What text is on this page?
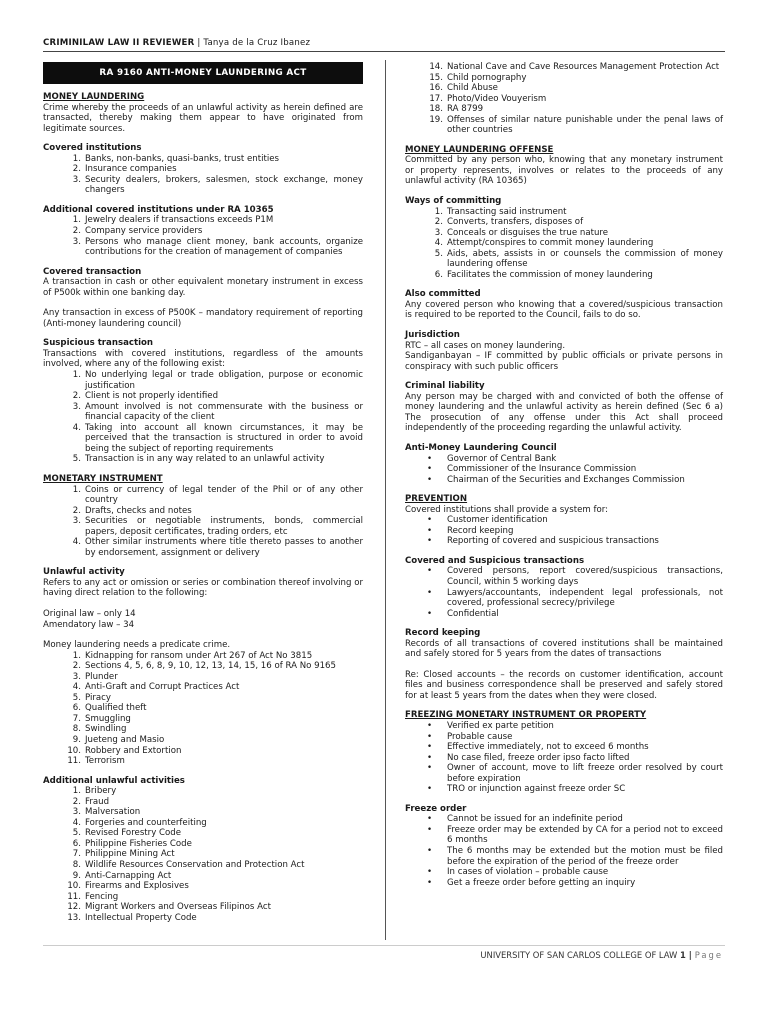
CRIMINILAW LAW II REVIEWER | Tanya de la Cruz Ibanez
RA 9160 ANTI-MONEY LAUNDERING ACT
MONEY LAUNDERING

Crime whereby the proceeds of an unlawful activity as herein defined are transacted, thereby making them appear to have originated from legitimate sources.

Covered institutions
1. Banks, non-banks, quasi-banks, trust entities
2. Insurance companies
3. Security dealers, brokers, salesmen, stock exchange, money changers
Additional covered institutions under RA 10365
1. Jewelry dealers if transactions exceeds P1M
2. Company service providers
3. Persons who manage client money, bank accounts, organize contributions for the creation of management of companies
Covered transaction

A transaction in cash or other equivalent monetary instrument in excess of P500k within one banking day.

Any transaction in excess of P500K – mandatory requirement of reporting (Anti-money laundering council)

Suspicious transaction

Transactions with covered institutions, regardless of the amounts involved, where any of the following exist:

1. No underlying legal or trade obligation, purpose or economic justification
2. Client is not properly identified
3. Amount involved is not commensurate with the business or financial capacity of the client
4. Taking into account all known circumstances, it may be perceived that the transaction is structured in order to avoid being the subject of reporting requirements
5. Transaction is in any way related to an unlawful activity
MONETARY INSTRUMENT
1. Coins or currency of legal tender of the Phil or of any other country
2. Drafts, checks and notes
3. Securities or negotiable instruments, bonds, commercial papers, deposit certificates, trading orders, etc
4. Other similar instruments where title thereto passes to another by endorsement, assignment or delivery
Unlawful activity

Refers to any act or omission or series or combination thereof involving or having direct relation to the following:

Original law – only 14

Amendatory law – 34

Money laundering needs a predicate crime.

1. Kidnapping for ransom under Art 267 of Act No 3815
2. Sections 4, 5, 6, 8, 9, 10, 12, 13, 14, 15, 16 of RA No 9165
3. Plunder
4. Anti-Graft and Corrupt Practices Act
5. Piracy
6. Qualified theft
7. Smuggling
8. Swindling
9. Jueteng and Masio
10. Robbery and Extortion
11. Terrorism
Additional unlawful activities
1. Bribery
2. Fraud
3. Malversation
4. Forgeries and counterfeiting
5. Revised Forestry Code
6. Philippine Fisheries Code
7. Philippine Mining Act
8. Wildlife Resources Conservation and Protection Act
9. Anti-Carnapping Act
10. Firearms and Explosives
11. Fencing
12. Migrant Workers and Overseas Filipinos Act
13. Intellectual Property Code
14. National Cave and Cave Resources Management Protection Act
15. Child pornography
16. Child Abuse
17. Photo/Video Vouyerism
18. RA 8799
19. Offenses of similar nature punishable under the penal laws of other countries
MONEY LAUNDERING OFFENSE

Committed by any person who, knowing that any monetary instrument or property represents, involves or relates to the proceeds of any unlawful activity (RA 10365)

Ways of committing
1. Transacting said instrument
2. Converts, transfers, disposes of
3. Conceals or disguises the true nature
4. Attempt/conspires to commit money laundering
5. Aids, abets, assists in or counsels the commission of money laundering offense
6. Facilitates the commission of money laundering
Also committed

Any covered person who knowing that a covered/suspicious transaction is required to be reported to the Council, fails to do so.

Jurisdiction

RTC – all cases on money laundering.

Sandiganbayan – IF committed by public officials or private persons in conspiracy with such public officers

Criminal liability

Any person may be charged with and convicted of both the offense of money laundering and the unlawful activity as herein defined (Sec 6 a) The prosecution of any offense under this Act shall proceed independently of the proceeding regarding the unlawful activity.

Anti-Money Laundering Council
•
Governor of Central Bank
•
Commissioner of the Insurance Commission
•
Chairman of the Securities and Exchanges Commission
PREVENTION

Covered institutions shall provide a system for:

•
Customer identification
•
Record keeping
•
Reporting of covered and suspicious transactions
Covered and Suspicious transactions
•
Covered persons, report covered/suspicious transactions, Council, within 5 working days
•
Lawyers/accountants, independent legal professionals, not covered, professional secrecy/privilege
•
Confidential
Record keeping

Records of all transactions of covered institutions shall be maintained and safely stored for 5 years from the dates of transactions

Re: Closed accounts – the records on customer identification, account files and business correspondence shall be preserved and safely stored for at least 5 years from the dates when they were closed.

FREEZING MONETARY INSTRUMENT OR PROPERTY
•
Verified ex parte petition
•
Probable cause
•
Effective immediately, not to exceed 6 months
•
No case filed, freeze order ipso facto lifted
•
Owner of account, move to lift freeze order resolved by court before expiration
•
TRO or injunction against freeze order SC
Freeze order
•
Cannot be issued for an indefinite period
•
Freeze order may be extended by CA for a period not to exceed 6 months
•
The 6 months may be extended but the motion must be filed before the expiration of the period of the freeze order
•
In cases of violation – probable cause
•
Get a freeze order before getting an inquiry
UNIVERSITY OF SAN CARLOS COLLEGE OF LAW 1 | Page
